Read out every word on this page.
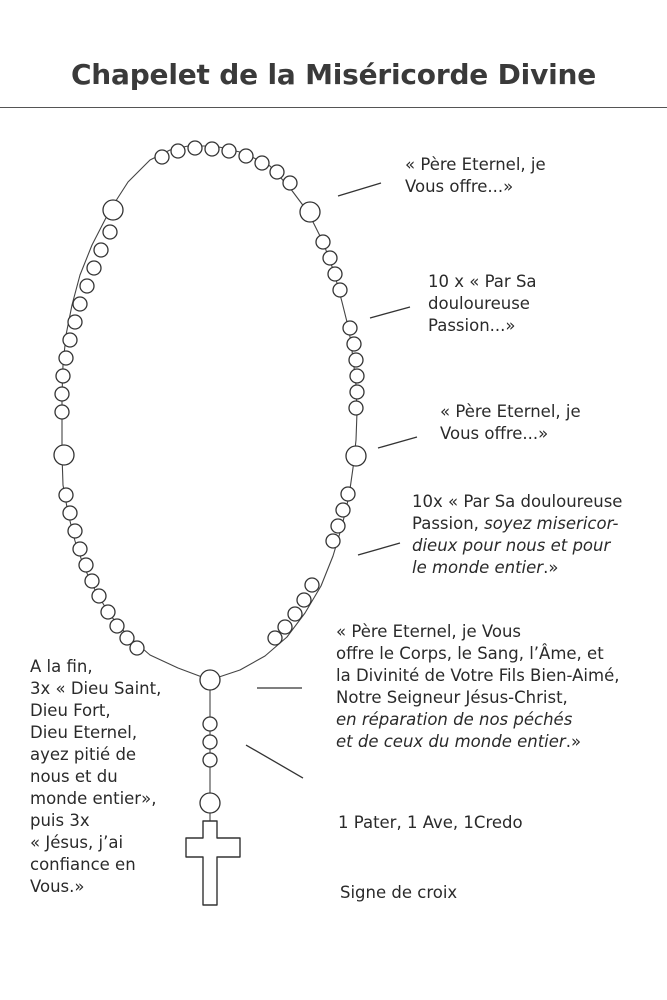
Chapelet de la Miséricorde Divine
« Père Eternel, je
Vous offre...»
10 x « Par Sa
douloureuse
Passion...»
« Père Eternel, je
Vous offre...»
10x « Par Sa douloureuse
Passion, soyez misericor-
dieux pour nous et pour
le monde entier.»
« Père Eternel, je Vous
offre le Corps, le Sang, l’Âme, et
la Divinité de Votre Fils Bien-Aimé,
Notre Seigneur Jésus-Christ,
en réparation de nos péchés
et de ceux du monde entier.»
1 Pater, 1 Ave, 1Credo
Signe de croix
A la fin,
3x « Dieu Saint,
Dieu Fort,
Dieu Eternel,
ayez pitié de
nous et du
monde entier»,
puis 3x
« Jésus, j’ai
confiance en
Vous.»
